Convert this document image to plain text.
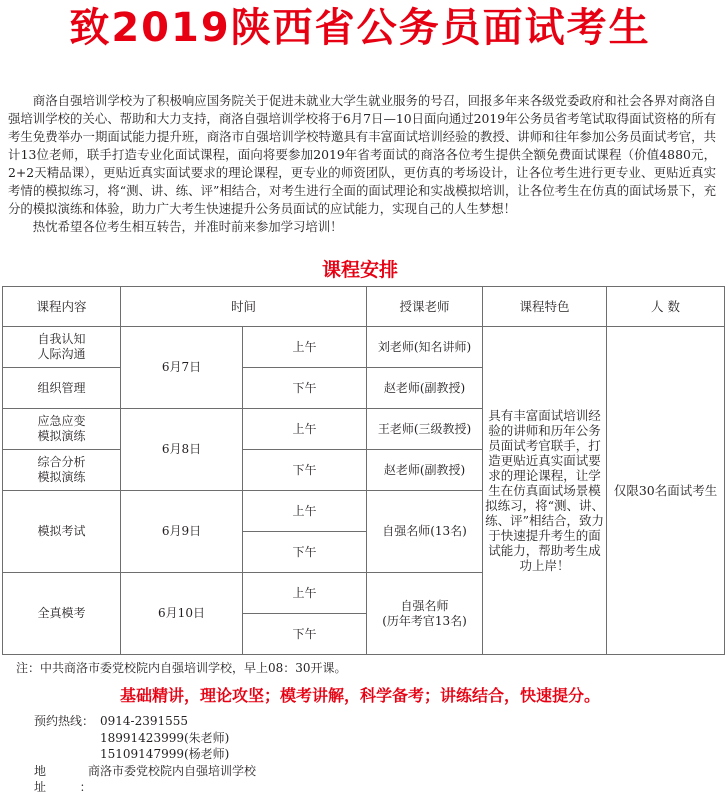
致2019陕西省公务员面试考生

商洛自强培训学校为了积极响应国务院关于促进未就业大学生就业服务的号召，回报多年来各级党委政府和社会各界对商洛自强培训学校的关心、帮助和大力支持，商洛自强培训学校将于6月7日—10日面向通过2019年公务员省考笔试取得面试资格的所有考生免费举办一期面试能力提升班，商洛市自强培训学校特邀具有丰富面试培训经验的教授、讲师和往年参加公务员面试考官，共计13位老师，联手打造专业化面试课程，面向将要参加2019年省考面试的商洛各位考生提供全额免费面试课程（价值4880元，2+2天精品课），更贴近真实面试要求的理论课程，更专业的师资团队，更仿真的考场设计，让各位考生进行更专业、更贴近真实考情的模拟练习，将“测、讲、练、评”相结合，对考生进行全面的面试理论和实战模拟培训，让各位考生在仿真的面试场景下，充分的模拟演练和体验，助力广大考生快速提升公务员面试的应试能力，实现自己的人生梦想！

热忱希望各位考生相互转告，并准时前来参加学习培训！

课程安排
课程内容	时间		授课老师	课程特色	人 数
自我认知
人际沟通	6月7日	上午	刘老师(知名讲师)	具有丰富面试培训经验的讲师和历年公务员面试考官联手，打造更贴近真实面试要求的理论课程，让学生在仿真面试场景模拟练习，将“测、讲、练、评”相结合，致力于快速提升考生的面试能力，帮助考生成功上岸！	仅限30名面试考生
组织管理		下午	赵老师(副教授)		
应急应变
模拟演练	6月8日	上午	王老师(三级教授)		
综合分析
模拟演练		下午	赵老师(副教授)		
模拟考试	6月9日	上午	自强名师(13名)		
		下午			
全真模考	6月10日	上午	自强名师
(历年考官13名)		
		下午			
注：中共商洛市委党校院内自强培训学校，早上08：30开课。
基础精讲，理论攻坚；模考讲解，科学备考；讲练结合，快速提分。
预约热线： 0914-2391555
18991423999(朱老师)
15109147999(杨老师)
地址：
商洛市委党校院内自强培训学校
